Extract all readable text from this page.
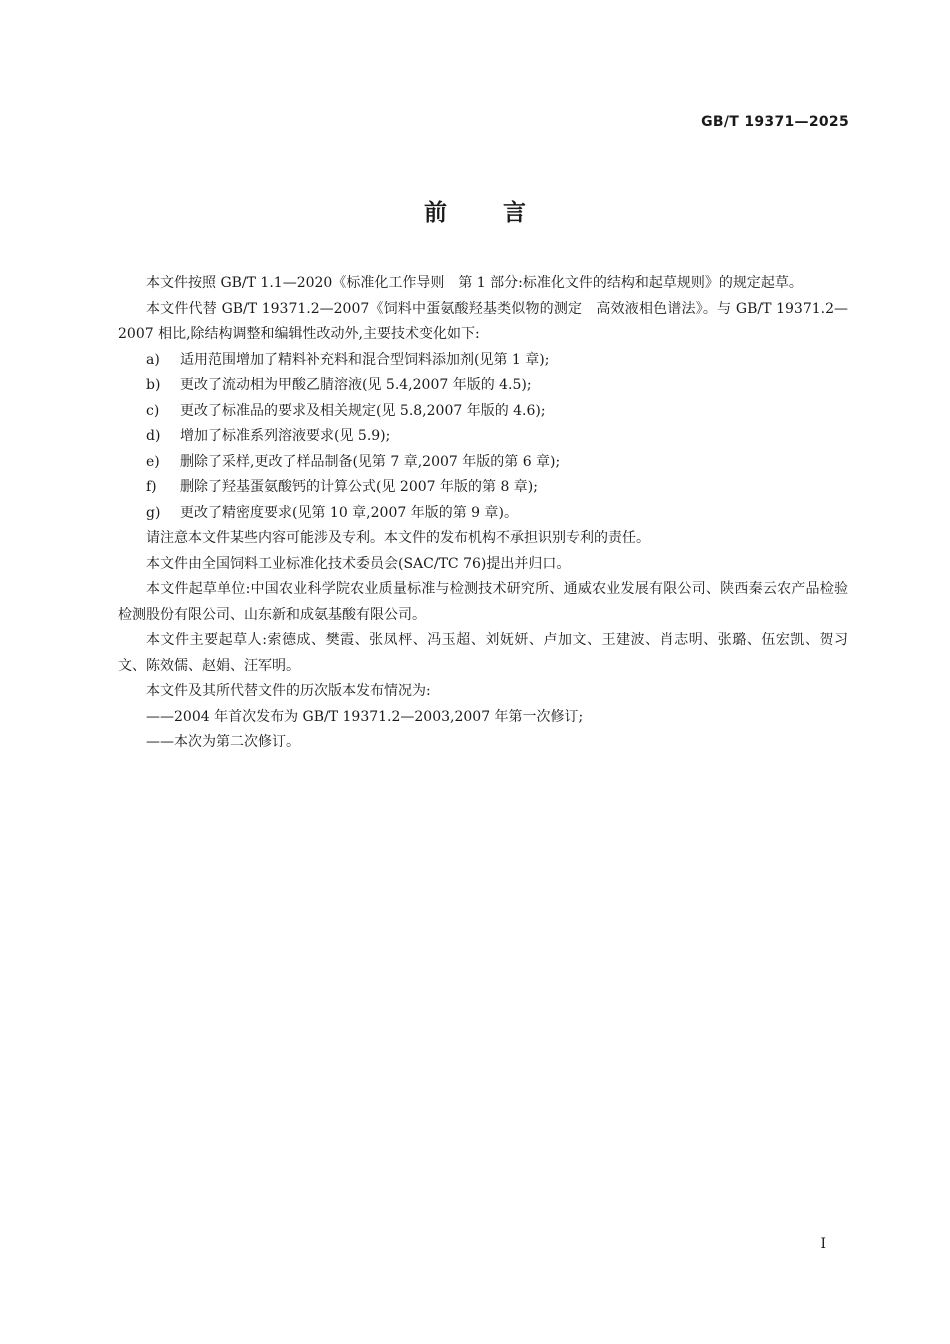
GB/T 19371—2025
前言

本文件按照 GB/T 1.1—2020《标准化工作导则　第 1 部分:标准化文件的结构和起草规则》的规定起草。

本文件代替 GB/T 19371.2—2007《饲料中蛋氨酸羟基类似物的测定　高效液相色谱法》。与 GB/T 19371.2—2007 相比,除结构调整和编辑性改动外,主要技术变化如下:

a) 适用范围增加了精料补充料和混合型饲料添加剂(见第 1 章);

b) 更改了流动相为甲酸乙腈溶液(见 5.4,2007 年版的 4.5);

c) 更改了标准品的要求及相关规定(见 5.8,2007 年版的 4.6);

d) 增加了标准系列溶液要求(见 5.9);

e) 删除了采样,更改了样品制备(见第 7 章,2007 年版的第 6 章);

f) 删除了羟基蛋氨酸钙的计算公式(见 2007 年版的第 8 章);

g) 更改了精密度要求(见第 10 章,2007 年版的第 9 章)。

请注意本文件某些内容可能涉及专利。本文件的发布机构不承担识别专利的责任。

本文件由全国饲料工业标准化技术委员会(SAC/TC 76)提出并归口。

本文件起草单位:中国农业科学院农业质量标准与检测技术研究所、通威农业发展有限公司、陕西秦云农产品检验检测股份有限公司、山东新和成氨基酸有限公司。

本文件主要起草人:索德成、樊霞、张凤枰、冯玉超、刘妩妍、卢加文、王建波、肖志明、张璐、伍宏凯、贺习文、陈效儒、赵娟、汪军明。

本文件及其所代替文件的历次版本发布情况为:

——2004 年首次发布为 GB/T 19371.2—2003,2007 年第一次修订;

——本次为第二次修订。

I
